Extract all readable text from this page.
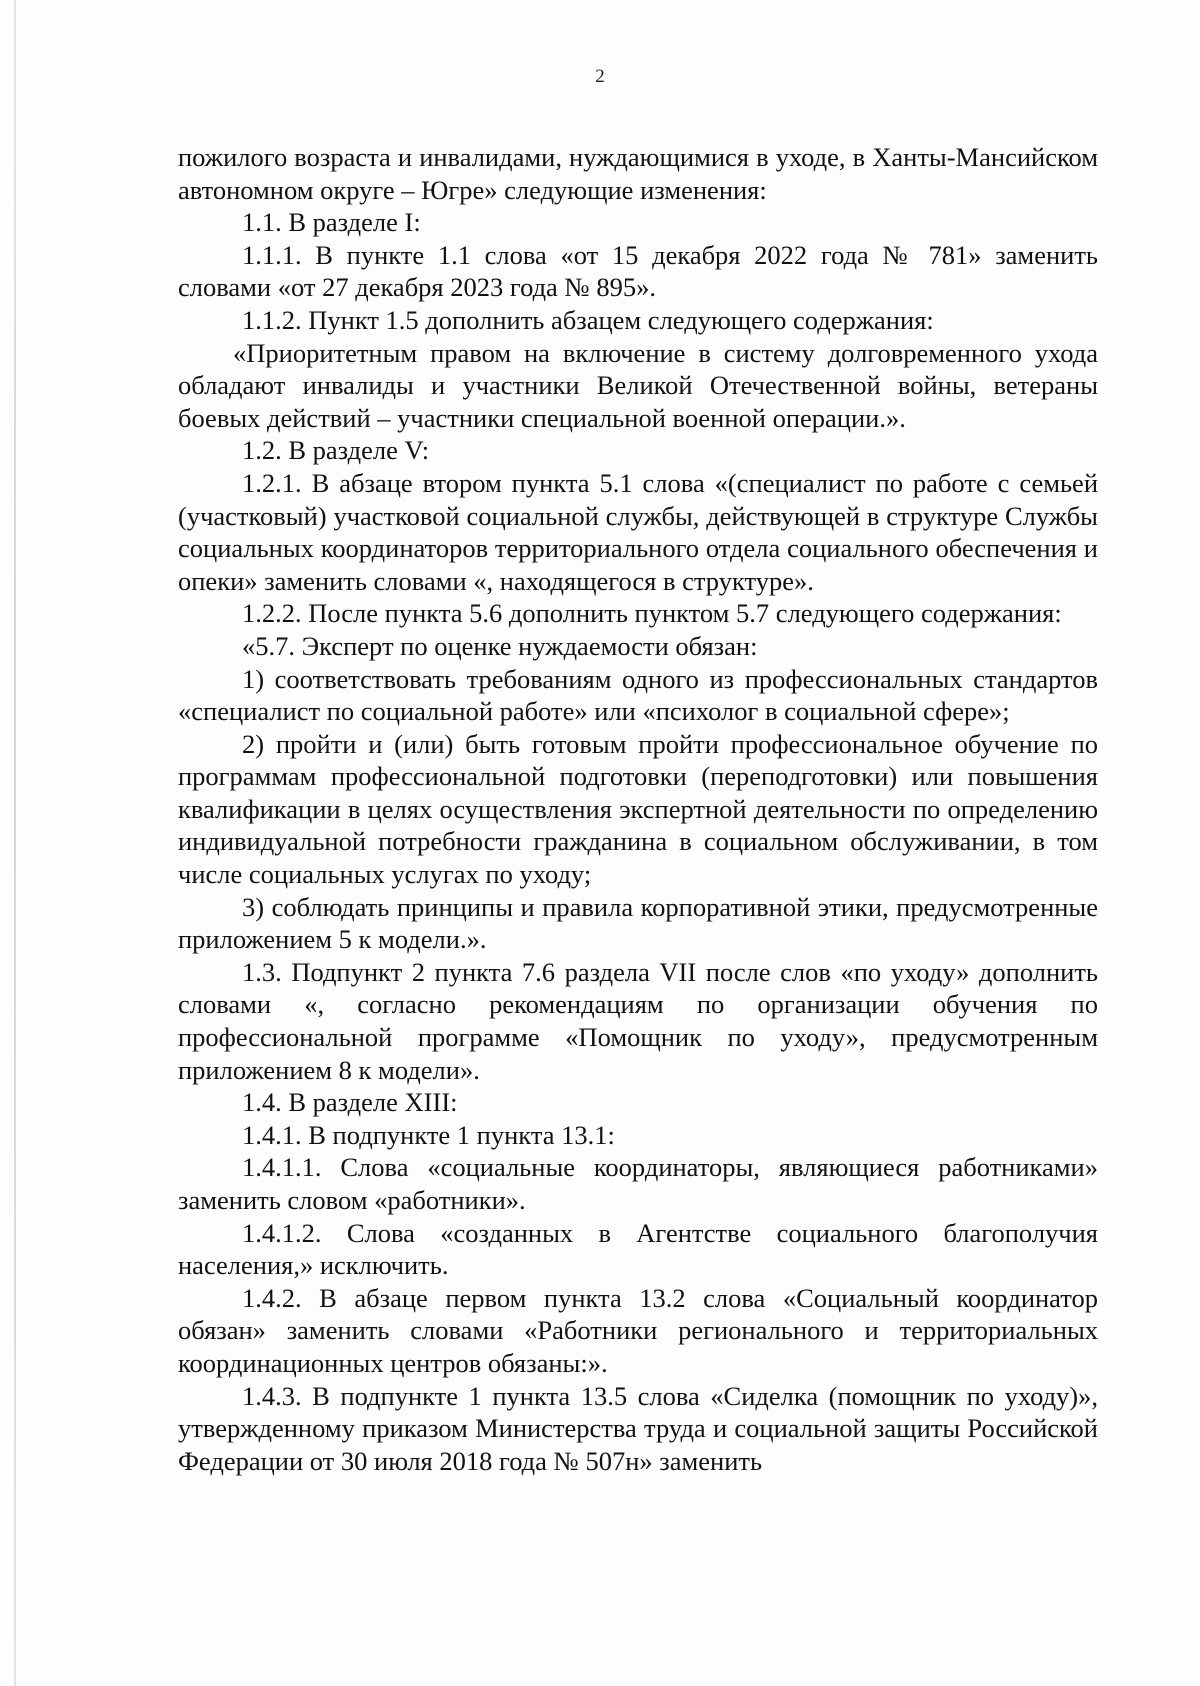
2

пожилого возраста и инвалидами, нуждающимися в уходе, в Ханты-Мансийском автономном округе – Югре» следующие изменения:

1.1. В разделе I:

1.1.1. В пункте 1.1 слова «от 15 декабря 2022 года № 781» заменить словами «от 27 декабря 2023 года № 895».

1.1.2. Пункт 1.5 дополнить абзацем следующего содержания:

«Приоритетным правом на включение в систему долговременного ухода обладают инвалиды и участники Великой Отечественной войны, ветераны боевых действий – участники специальной военной операции.».

1.2. В разделе V:

1.2.1. В абзаце втором пункта 5.1 слова «(специалист по работе с семьей (участковый) участковой социальной службы, действующей в структуре Службы социальных координаторов территориального отдела социального обеспечения и опеки» заменить словами «, находящегося в структуре».

1.2.2. После пункта 5.6 дополнить пунктом 5.7 следующего содержания:

«5.7. Эксперт по оценке нуждаемости обязан:

1) соответствовать требованиям одного из профессиональных стандартов «специалист по социальной работе» или «психолог в социальной сфере»;

2) пройти и (или) быть готовым пройти профессиональное обучение по программам профессиональной подготовки (переподготовки) или повышения квалификации в целях осуществления экспертной деятельности по определению индивидуальной потребности гражданина в социальном обслуживании, в том числе социальных услугах по уходу;

3) соблюдать принципы и правила корпоративной этики, предусмотренные приложением 5 к модели.».

1.3. Подпункт 2 пункта 7.6 раздела VII после слов «по уходу» дополнить словами «, согласно рекомендациям по организации обучения по профессиональной программе «Помощник по уходу», предусмотренным приложением 8 к модели».

1.4. В разделе XIII:

1.4.1. В подпункте 1 пункта 13.1:

1.4.1.1. Слова «социальные координаторы, являющиеся работниками» заменить словом «работники».

1.4.1.2. Слова «созданных в Агентстве социального благополучия населения,» исключить.

1.4.2. В абзаце первом пункта 13.2 слова «Социальный координатор обязан» заменить словами «Работники регионального и территориальных координационных центров обязаны:».

1.4.3. В подпункте 1 пункта 13.5 слова «Сиделка (помощник по уходу)», утвержденному приказом Министерства труда и социальной защиты Российской Федерации от 30 июля 2018 года № 507н» заменить
